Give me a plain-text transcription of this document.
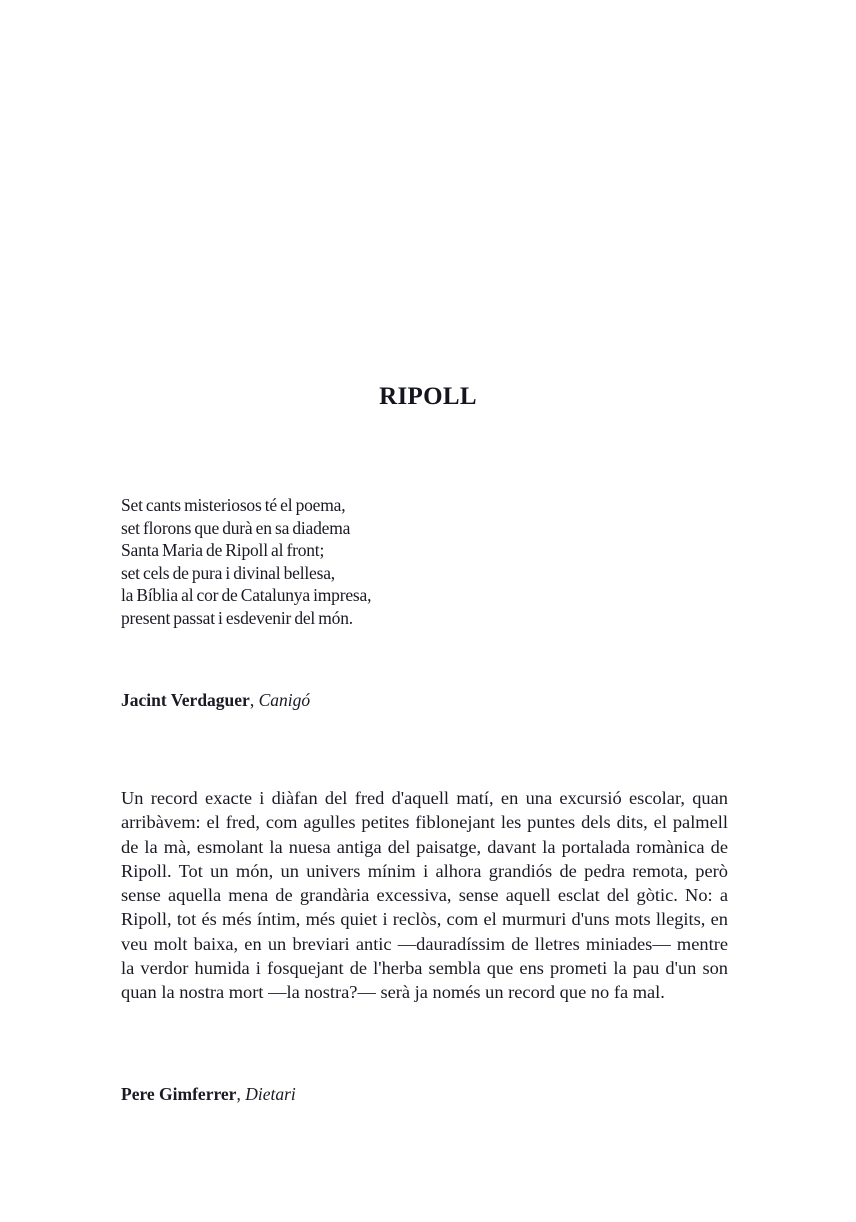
RIPOLL
Set cants misteriosos té el poema,
set florons que durà en sa diadema
Santa Maria de Ripoll al front;
set cels de pura i divinal bellesa,
la Bíblia al cor de Catalunya impresa,
present passat i esdevenir del món.
Jacint Verdaguer, Canigó

Un record exacte i diàfan del fred d'aquell matí, en una excursió escolar, quan arribàvem: el fred, com agulles petites fiblonejant les puntes dels dits, el palmell de la mà, esmolant la nuesa antiga del paisatge, davant la portalada romànica de Ripoll. Tot un món, un univers mínim i alhora grandiós de pedra remota, però sense aquella mena de grandària excessiva, sense aquell esclat del gòtic. No: a Ripoll, tot és més íntim, més quiet i reclòs, com el murmuri d'uns mots llegits, en veu molt baixa, en un breviari antic —dauradíssim de lletres miniades— mentre la verdor humida i fosquejant de l'herba sembla que ens prometi la pau d'un son quan la nostra mort —la nostra?— serà ja només un record que no fa mal.

Pere Gimferrer, Dietari
